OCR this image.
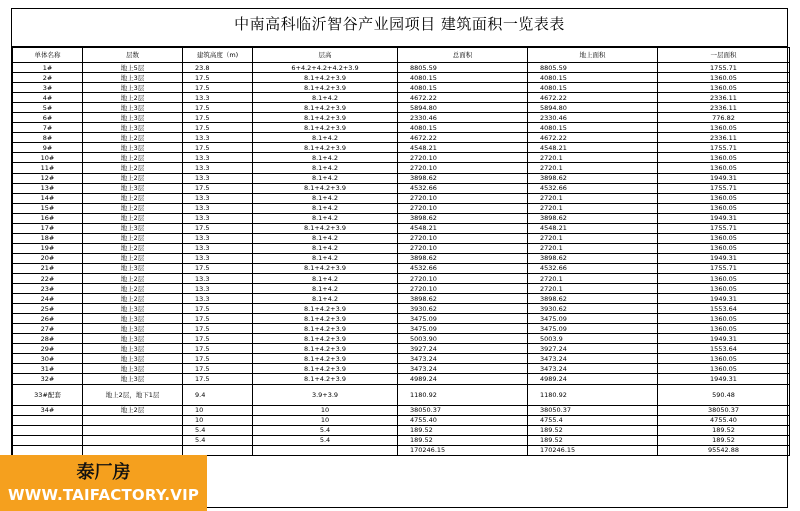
中南高科临沂智谷产业园项目 建筑面积一览表表
单体名称	层数	建筑高度（m)	层高	总面积	地上面积	一层面积
1#	地上5层	23.8	6+4.2+4.2+4.2+3.9	8805.59	8805.59	1755.71
2#	地上3层	17.5	8.1+4.2+3.9	4080.15	4080.15	1360.05
3#	地上3层	17.5	8.1+4.2+3.9	4080.15	4080.15	1360.05
4#	地上2层	13.3	8.1+4.2	4672.22	4672.22	2336.11
5#	地上3层	17.5	8.1+4.2+3.9	5894.80	5894.80	2336.11
6#	地上3层	17.5	8.1+4.2+3.9	2330.46	2330.46	776.82
7#	地上3层	17.5	8.1+4.2+3.9	4080.15	4080.15	1360.05
8#	地上2层	13.3	8.1+4.2	4672.22	4672.22	2336.11
9#	地上3层	17.5	8.1+4.2+3.9	4548.21	4548.21	1755.71
10#	地上2层	13.3	8.1+4.2	2720.10	2720.1	1360.05
11#	地上2层	13.3	8.1+4.2	2720.10	2720.1	1360.05
12#	地上2层	13.3	8.1+4.2	3898.62	3898.62	1949.31
13#	地上3层	17.5	8.1+4.2+3.9	4532.66	4532.66	1755.71
14#	地上2层	13.3	8.1+4.2	2720.10	2720.1	1360.05
15#	地上2层	13.3	8.1+4.2	2720.10	2720.1	1360.05
16#	地上2层	13.3	8.1+4.2	3898.62	3898.62	1949.31
17#	地上3层	17.5	8.1+4.2+3.9	4548.21	4548.21	1755.71
18#	地上2层	13.3	8.1+4.2	2720.10	2720.1	1360.05
19#	地上2层	13.3	8.1+4.2	2720.10	2720.1	1360.05
20#	地上2层	13.3	8.1+4.2	3898.62	3898.62	1949.31
21#	地上3层	17.5	8.1+4.2+3.9	4532.66	4532.66	1755.71
22#	地上2层	13.3	8.1+4.2	2720.10	2720.1	1360.05
23#	地上2层	13.3	8.1+4.2	2720.10	2720.1	1360.05
24#	地上2层	13.3	8.1+4.2	3898.62	3898.62	1949.31
25#	地上3层	17.5	8.1+4.2+3.9	3930.62	3930.62	1553.64
26#	地上3层	17.5	8.1+4.2+3.9	3475.09	3475.09	1360.05
27#	地上3层	17.5	8.1+4.2+3.9	3475.09	3475.09	1360.05
28#	地上3层	17.5	8.1+4.2+3.9	5003.90	5003.9	1949.31
29#	地上3层	17.5	8.1+4.2+3.9	3927.24	3927.24	1553.64
30#	地上3层	17.5	8.1+4.2+3.9	3473.24	3473.24	1360.05
31#	地上3层	17.5	8.1+4.2+3.9	3473.24	3473.24	1360.05
32#	地上3层	17.5	8.1+4.2+3.9	4989.24	4989.24	1949.31
33#配套	地上2层，地下1层	9.4	3.9+3.9	1180.92	1180.92	590.48
34#	地上2层	10	10	38050.37	38050.37	38050.37
		10	10	4755.40	4755.4	4755.40
		5.4	5.4	189.52	189.52	189.52
		5.4	5.4	189.52	189.52	189.52
				170246.15	170246.15	95542.88
泰厂房
WWW.TAIFACTORY.VIP
